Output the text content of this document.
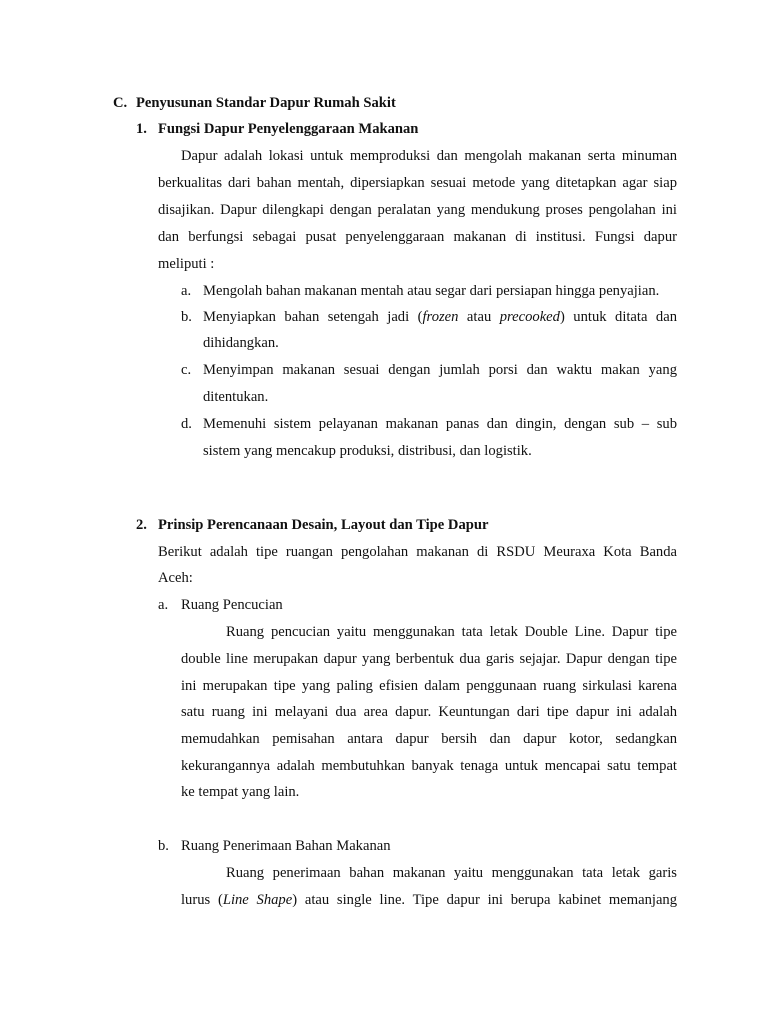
C. Penyusunan Standar Dapur Rumah Sakit
1. Fungsi Dapur Penyelenggaraan Makanan
Dapur adalah lokasi untuk memproduksi dan mengolah makanan serta minuman
berkualitas dari bahan mentah, dipersiapkan sesuai metode yang ditetapkan agar siap
disajikan. Dapur dilengkapi dengan peralatan yang mendukung proses pengolahan ini
dan berfungsi sebagai pusat penyelenggaraan makanan di institusi. Fungsi dapur
meliputi :
a. Mengolah bahan makanan mentah atau segar dari persiapan hingga penyajian.
b. Menyiapkan bahan setengah jadi (frozen atau precooked) untuk ditata dan
dihidangkan.
c. Menyimpan makanan sesuai dengan jumlah porsi dan waktu makan yang
ditentukan.
d. Memenuhi sistem pelayanan makanan panas dan dingin, dengan sub – sub
sistem yang mencakup produksi, distribusi, dan logistik.
2. Prinsip Perencanaan Desain, Layout dan Tipe Dapur
Berikut adalah tipe ruangan pengolahan makanan di RSDU Meuraxa Kota Banda
Aceh:
a. Ruang Pencucian
Ruang pencucian yaitu menggunakan tata letak Double Line. Dapur tipe
double line merupakan dapur yang berbentuk dua garis sejajar. Dapur dengan tipe
ini merupakan tipe yang paling efisien dalam penggunaan ruang sirkulasi karena
satu ruang ini melayani dua area dapur. Keuntungan dari tipe dapur ini adalah
memudahkan pemisahan antara dapur bersih dan dapur kotor, sedangkan
kekurangannya adalah membutuhkan banyak tenaga untuk mencapai satu tempat
ke tempat yang lain.
b. Ruang Penerimaan Bahan Makanan
Ruang penerimaan bahan makanan yaitu menggunakan tata letak garis
lurus (Line Shape) atau single line. Tipe dapur ini berupa kabinet memanjang
